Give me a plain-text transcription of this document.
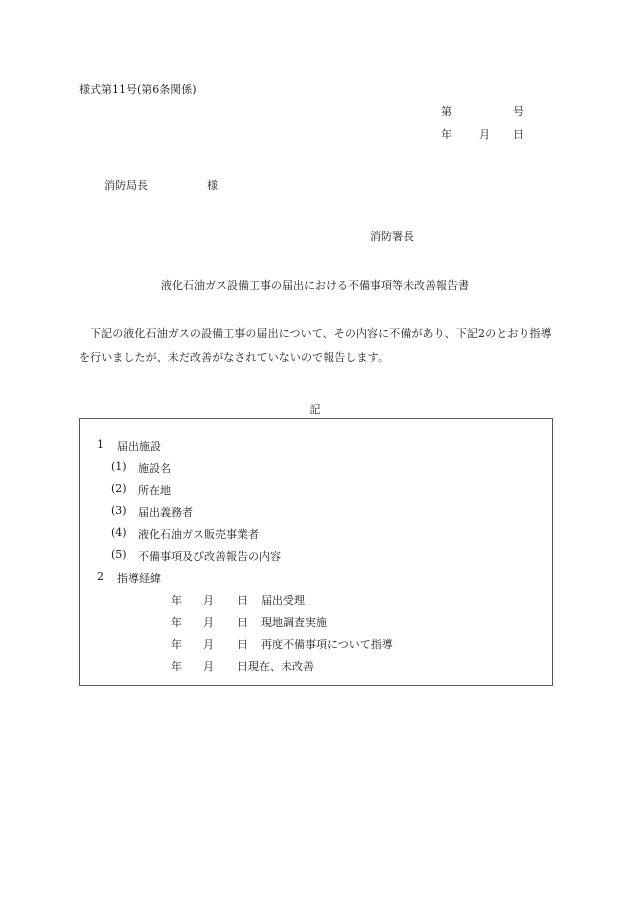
様式第11号(第6条関係)
第	号
年 月 日
消防局長	様
消防署長
液化石油ガス設備工事の届出における不備事項等未改善報告書
下記の液化石油ガスの設備工事の届出について、その内容に不備があり、下記2のとおり指導を行いましたが、未だ改善がなされていないので報告します。
記
1 届出施設
(1) 施設名
(2) 所在地
(3) 届出義務者
(4) 液化石油ガス販売事業者
(5) 不備事項及び改善報告の内容
2 指導経緯
年 月 日 届出受理
年 月 日 現地調査実施
年 月 日 再度不備事項について指導
年 月 日現在、 未改善
